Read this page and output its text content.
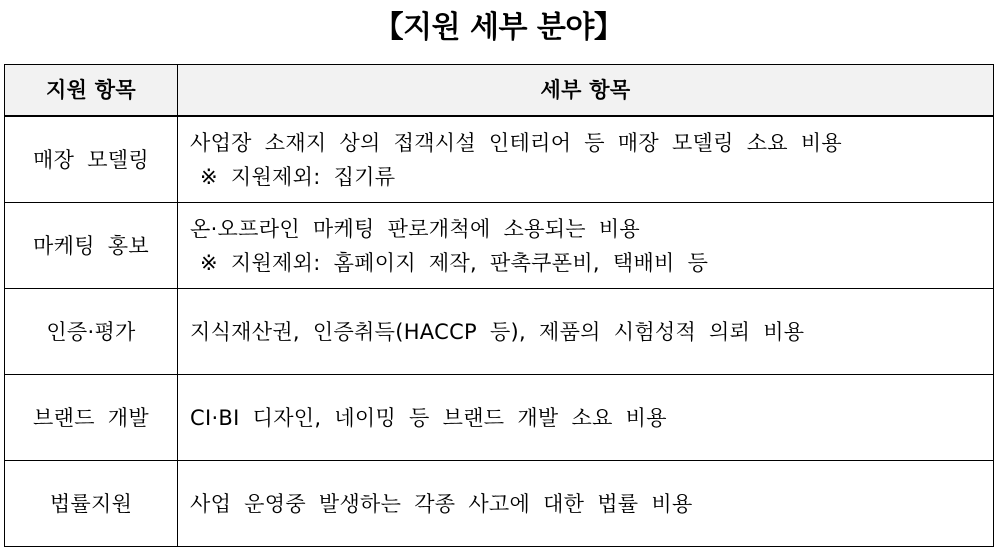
【지원 세부 분야】
지원 항목	세부 항목
매장 모델링	사업장 소재지 상의 접객시설 인테리어 등 매장 모델링 소요 비용
※ 지원제외: 집기류

마케팅 홍보	온·오프라인 마케팅 판로개척에 소용되는 비용
※ 지원제외: 홈페이지 제작, 판촉쿠폰비, 택배비 등

인증·평가	지식재산권, 인증취득(HACCP 등), 제품의 시험성적 의뢰 비용

브랜드 개발	CI·BI 디자인, 네이밍 등 브랜드 개발 소요 비용

법률지원	사업 운영중 발생하는 각종 사고에 대한 법률 비용
